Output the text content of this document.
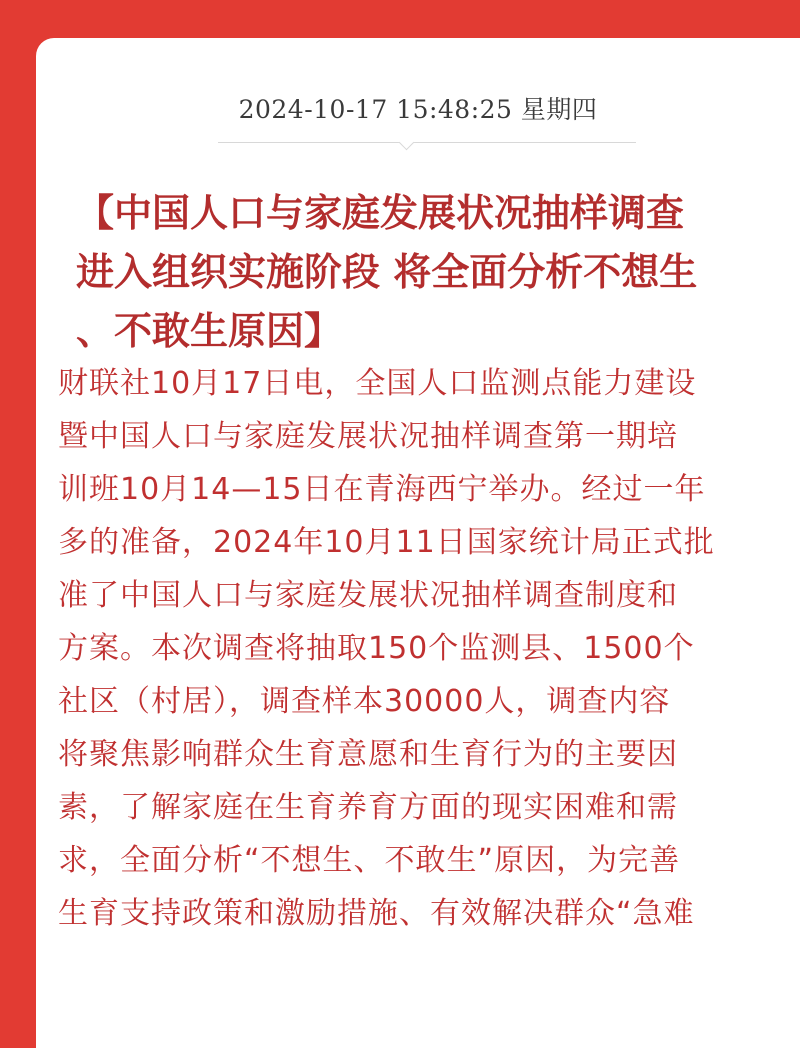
2024-10-17 15:48:25 星期四
【中国人口与家庭发展状况抽样调查
进入组织实施阶段 将全面分析不想生
、不敢生原因】
财联社10月17日电，全国人口监测点能力建设
暨中国人口与家庭发展状况抽样调查第一期培
训班10月14—15日在青海西宁举办。经过一年
多的准备，2024年10月11日国家统计局正式批
准了中国人口与家庭发展状况抽样调查制度和
方案。本次调查将抽取150个监测县、1500个
社区（村居），调查样本30000人，调查内容
将聚焦影响群众生育意愿和生育行为的主要因
素，了解家庭在生育养育方面的现实困难和需
求，全面分析“不想生、不敢生”原因，为完善
生育支持政策和激励措施、有效解决群众“急难
